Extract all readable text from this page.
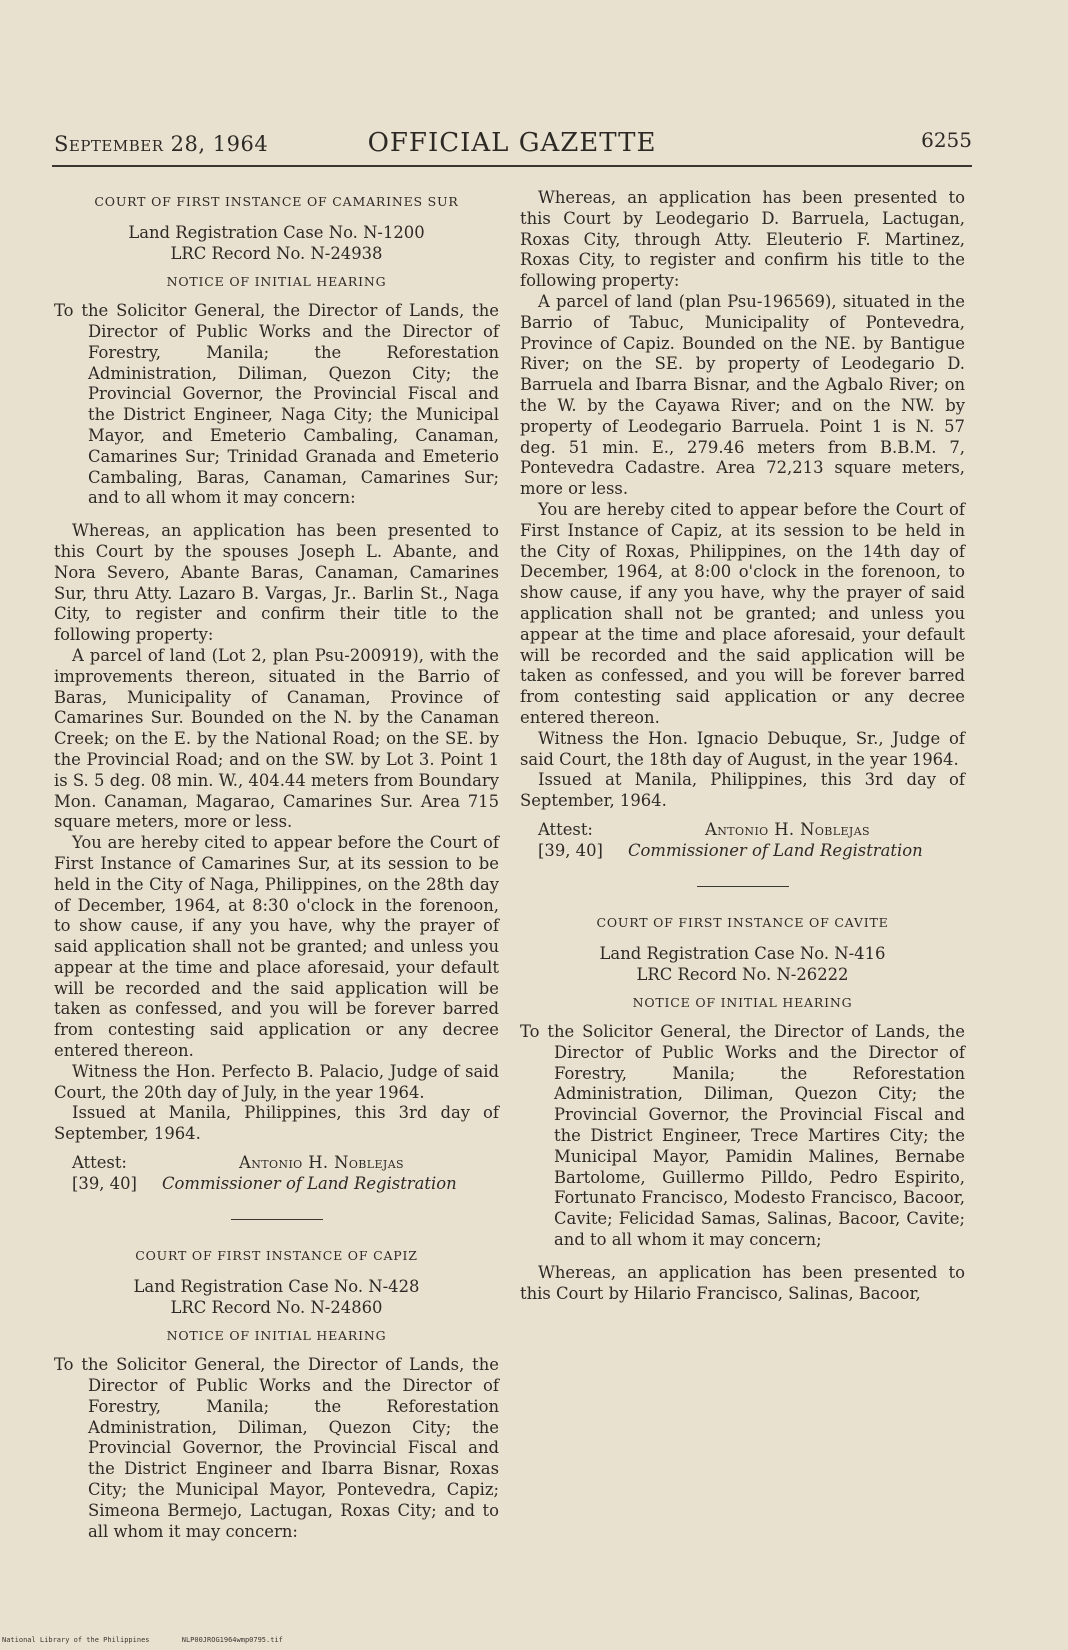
September 28, 1964	OFFICIAL GAZETTE	6255
COURT OF FIRST INSTANCE OF CAMARINES SUR
Land Registration Case No. N-1200
LRC Record No. N-24938
NOTICE OF INITIAL HEARING

To the Solicitor General, the Director of Lands, the Director of Public Works and the Director of Forestry, Manila; the Reforestation Administration, Diliman, Quezon City; the Provincial Governor, the Provincial Fiscal and the District Engineer, Naga City; the Municipal Mayor, and Emeterio Cambaling, Canaman, Camarines Sur; Trinidad Granada and Emeterio Cambaling, Baras, Canaman, Camarines Sur; and to all whom it may concern:

Whereas, an application has been presented to this Court by the spouses Joseph L. Abante, and Nora Severo, Abante Baras, Canaman, Camarines Sur, thru Atty. Lazaro B. Vargas, Jr.. Barlin St., Naga City, to register and confirm their title to the following property:

A parcel of land (Lot 2, plan Psu-200919), with the improvements thereon, situated in the Barrio of Baras, Municipality of Canaman, Province of Camarines Sur. Bounded on the N. by the Canaman Creek; on the E. by the National Road; on the SE. by the Provincial Road; and on the SW. by Lot 3. Point 1 is S. 5 deg. 08 min. W., 404.44 meters from Boundary Mon. Canaman, Magarao, Camarines Sur. Area 715 square meters, more or less.

You are hereby cited to appear before the Court of First Instance of Camarines Sur, at its session to be held in the City of Naga, Philippines, on the 28th day of December, 1964, at 8:30 o'clock in the forenoon, to show cause, if any you have, why the prayer of said application shall not be granted; and unless you appear at the time and place aforesaid, your default will be recorded and the said application will be taken as confessed, and you will be forever barred from contesting said application or any decree entered thereon.

Witness the Hon. Perfecto B. Palacio, Judge of said Court, the 20th day of July, in the year 1964.

Issued at Manila, Philippines, this 3rd day of September, 1964.

Attest:	Antonio H. Noblejas
[39, 40] Commissioner of Land Registration
COURT OF FIRST INSTANCE OF CAPIZ
Land Registration Case No. N-428
LRC Record No. N-24860
NOTICE OF INITIAL HEARING

To the Solicitor General, the Director of Lands, the Director of Public Works and the Director of Forestry, Manila; the Reforestation Administration, Diliman, Quezon City; the Provincial Governor, the Provincial Fiscal and the District Engineer and Ibarra Bisnar, Roxas City; the Municipal Mayor, Pontevedra, Capiz; Simeona Bermejo, Lactugan, Roxas City; and to all whom it may concern:

Whereas, an application has been presented to this Court by Leodegario D. Barruela, Lactugan, Roxas City, through Atty. Eleuterio F. Martinez, Roxas City, to register and confirm his title to the following property:

A parcel of land (plan Psu-196569), situated in the Barrio of Tabuc, Municipality of Pontevedra, Province of Capiz. Bounded on the NE. by Bantigue River; on the SE. by property of Leodegario D. Barruela and Ibarra Bisnar, and the Agbalo River; on the W. by the Cayawa River; and on the NW. by property of Leodegario Barruela. Point 1 is N. 57 deg. 51 min. E., 279.46 meters from B.B.M. 7, Pontevedra Cadastre. Area 72,213 square meters, more or less.

You are hereby cited to appear before the Court of First Instance of Capiz, at its session to be held in the City of Roxas, Philippines, on the 14th day of December, 1964, at 8:00 o'clock in the forenoon, to show cause, if any you have, why the prayer of said application shall not be granted; and unless you appear at the time and place aforesaid, your default will be recorded and the said application will be taken as confessed, and you will be forever barred from contesting said application or any decree entered thereon.

Witness the Hon. Ignacio Debuque, Sr., Judge of said Court, the 18th day of August, in the year 1964.

Issued at Manila, Philippines, this 3rd day of September, 1964.

Attest:	Antonio H. Noblejas
[39, 40] Commissioner of Land Registration
COURT OF FIRST INSTANCE OF CAVITE
Land Registration Case No. N-416
LRC Record No. N-26222
NOTICE OF INITIAL HEARING

To the Solicitor General, the Director of Lands, the Director of Public Works and the Director of Forestry, Manila; the Reforestation Administration, Diliman, Quezon City; the Provincial Governor, the Provincial Fiscal and the District Engineer, Trece Martires City; the Municipal Mayor, Pamidin Malines, Bernabe Bartolome, Guillermo Pilldo, Pedro Espirito, Fortunato Francisco, Modesto Francisco, Bacoor, Cavite; Felicidad Samas, Salinas, Bacoor, Cavite; and to all whom it may concern;

Whereas, an application has been presented to this Court by Hilario Francisco, Salinas, Bacoor,

National Library of the Philippines	NLP00JROG1964wmp0795.tif
